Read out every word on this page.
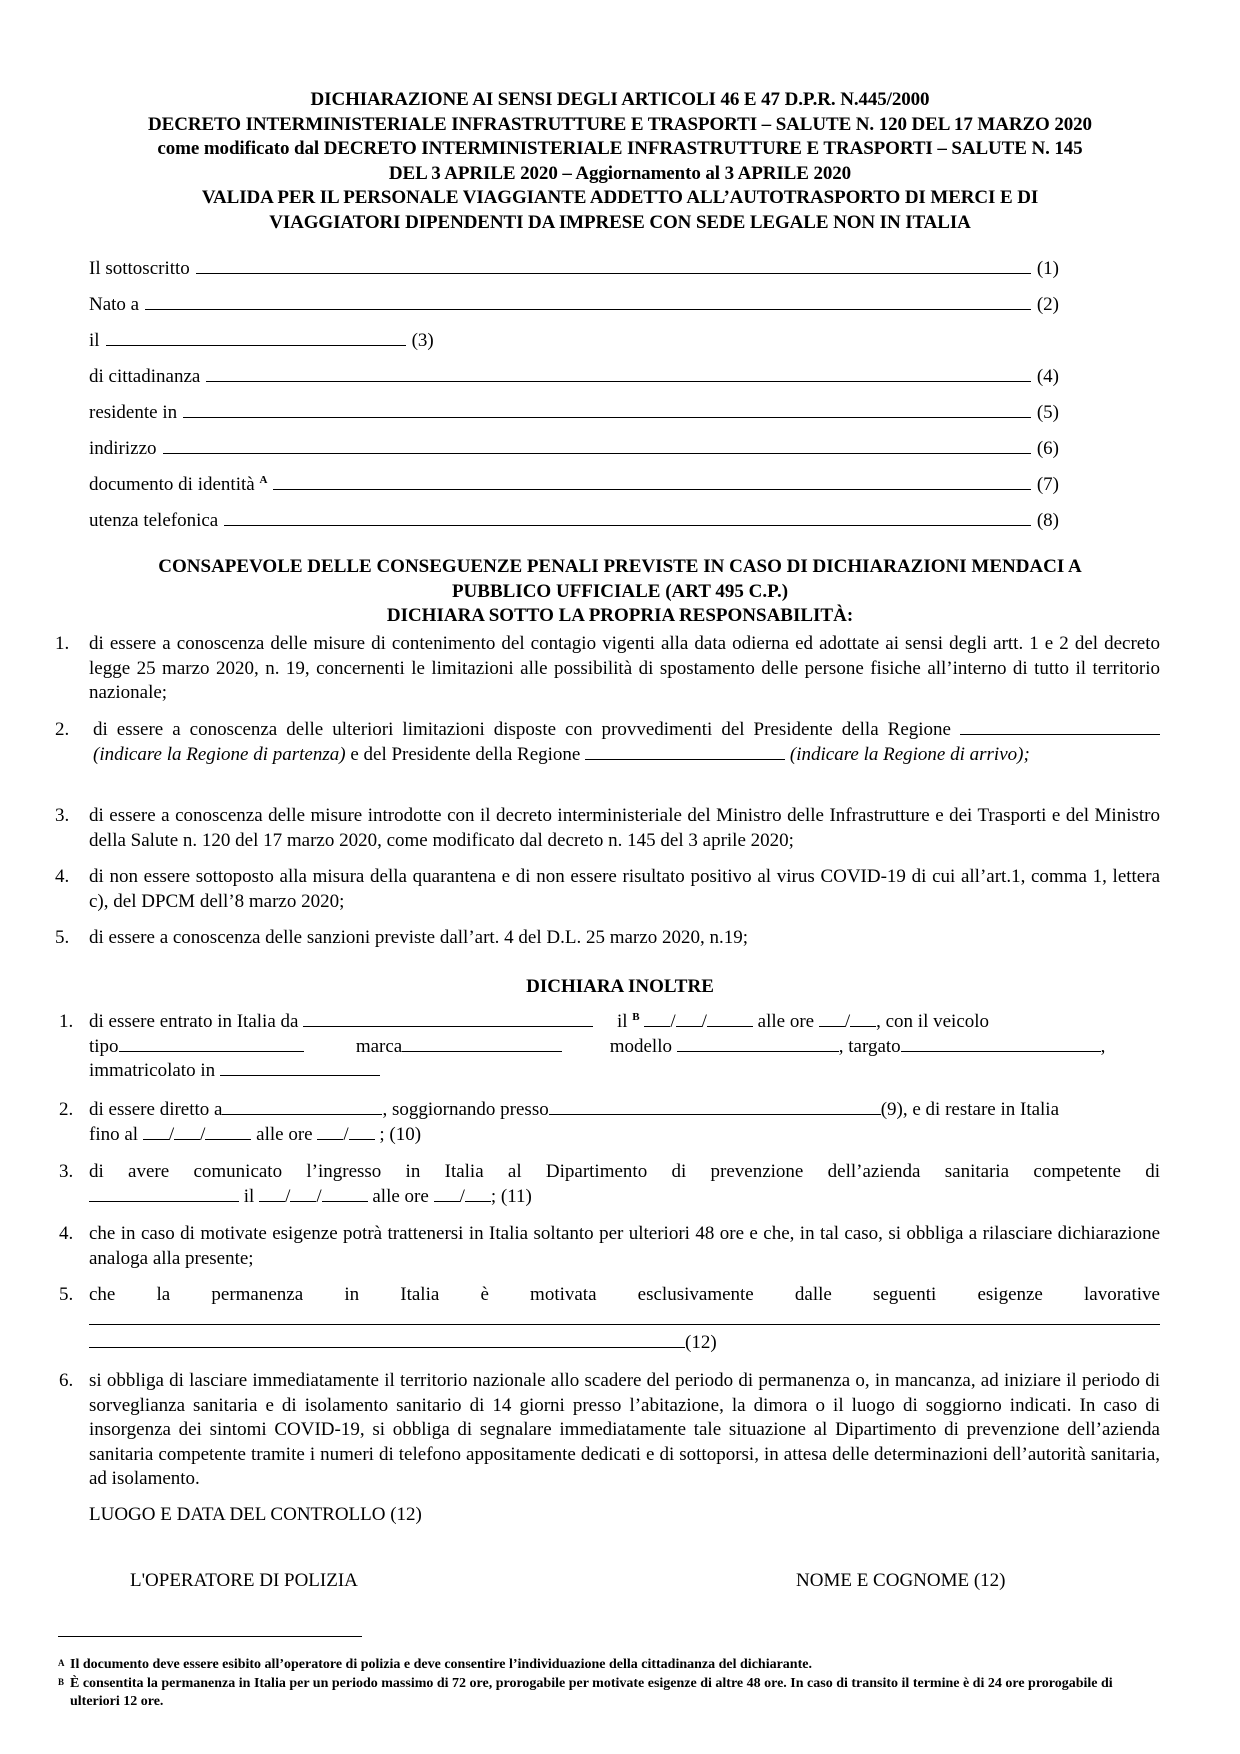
DICHIARAZIONE AI SENSI DEGLI ARTICOLI 46 E 47 D.P.R. N.445/2000
DECRETO INTERMINISTERIALE INFRASTRUTTURE E TRASPORTI – SALUTE N. 120 DEL 17 MARZO 2020
come modificato dal DECRETO INTERMINISTERIALE INFRASTRUTTURE E TRASPORTI – SALUTE N. 145
DEL 3 APRILE 2020 – Aggiornamento al 3 APRILE 2020
VALIDA PER IL PERSONALE VIAGGIANTE ADDETTO ALL’AUTOTRASPORTO DI MERCI E DI
VIAGGIATORI DIPENDENTI DA IMPRESE CON SEDE LEGALE NON IN ITALIA
Il sottoscritto	(1)
Nato a	(2)
il	(3)
di cittadinanza	(4)
residente in	(5)
indirizzo	(6)
documento di identità $^A$	(7)
utenza telefonica	(8)
CONSAPEVOLE DELLE CONSEGUENZE PENALI PREVISTE IN CASO DI DICHIARAZIONI MENDACI A
PUBBLICO UFFICIALE (ART 495 C.P.)
DICHIARA SOTTO LA PROPRIA RESPONSABILITÀ:
1. di essere a conoscenza delle misure di contenimento del contagio vigenti alla data odierna ed adottate ai sensi degli artt. 1 e 2 del decreto legge 25 marzo 2020, n. 19, concernenti le limitazioni alle possibilità di spostamento delle persone fisiche all’interno di tutto il territorio nazionale;
2. di essere a conoscenza delle ulteriori limitazioni disposte con provvedimenti del Presidente della Regione  (indicare la Regione di partenza) e del Presidente della Regione	(indicare la Regione di arrivo);
3. di essere a conoscenza delle misure introdotte con il decreto interministeriale del Ministro delle Infrastrutture e dei Trasporti e del Ministro della Salute n. 120 del 17 marzo 2020, come modificato dal decreto n. 145 del 3 aprile 2020;
4. di non essere sottoposto alla misura della quarantena e di non essere risultato positivo al virus COVID-19 di cui all’art.1, comma 1, lettera c), del DPCM dell’8 marzo 2020;
5. di essere a conoscenza delle sanzioni previste dall’art. 4 del D.L. 25 marzo 2020, n.19;
DICHIARA INOLTRE
1. di essere entrato in Italia da	il $^B$ / /	alle ore / , con il veicolo
tipo	marca	modello	, targato	,
immatricolato in
2. di essere diretto a	, soggiornando presso	(9), e di restare in Italia
fino al / /	alle ore / ; (10)
3. di avere comunicato l’ingresso in Italia al Dipartimento di prevenzione dell’azienda sanitaria competente di
il / /	alle ore / ; (11)
4. che in caso di motivate esigenze potrà trattenersi in Italia soltanto per ulteriori 48 ore e che, in tal caso, si obbliga a rilasciare dichiarazione analoga alla presente;
5. che la permanenza in Italia è motivata esclusivamente dalle seguenti esigenze lavorative
(12)
6. si obbliga di lasciare immediatamente il territorio nazionale allo scadere del periodo di permanenza o, in mancanza, ad iniziare il periodo di sorveglianza sanitaria e di isolamento sanitario di 14 giorni presso l’abitazione, la dimora o il luogo di soggiorno indicati. In caso di insorgenza dei sintomi COVID-19, si obbliga di segnalare immediatamente tale situazione al Dipartimento di prevenzione dell’azienda sanitaria competente tramite i numeri di telefono appositamente dedicati e di sottoporsi, in attesa delle determinazioni dell’autorità sanitaria, ad isolamento.
LUOGO E DATA DEL CONTROLLO (12)
L'OPERATORE DI POLIZIA	NOME E COGNOME (12)
A Il documento deve essere esibito all’operatore di polizia e deve consentire l’individuazione della cittadinanza del dichiarante.
B È consentita la permanenza in Italia per un periodo massimo di 72 ore, prorogabile per motivate esigenze di altre 48 ore. In caso di transito il termine è di 24 ore prorogabile di ulteriori 12 ore.
